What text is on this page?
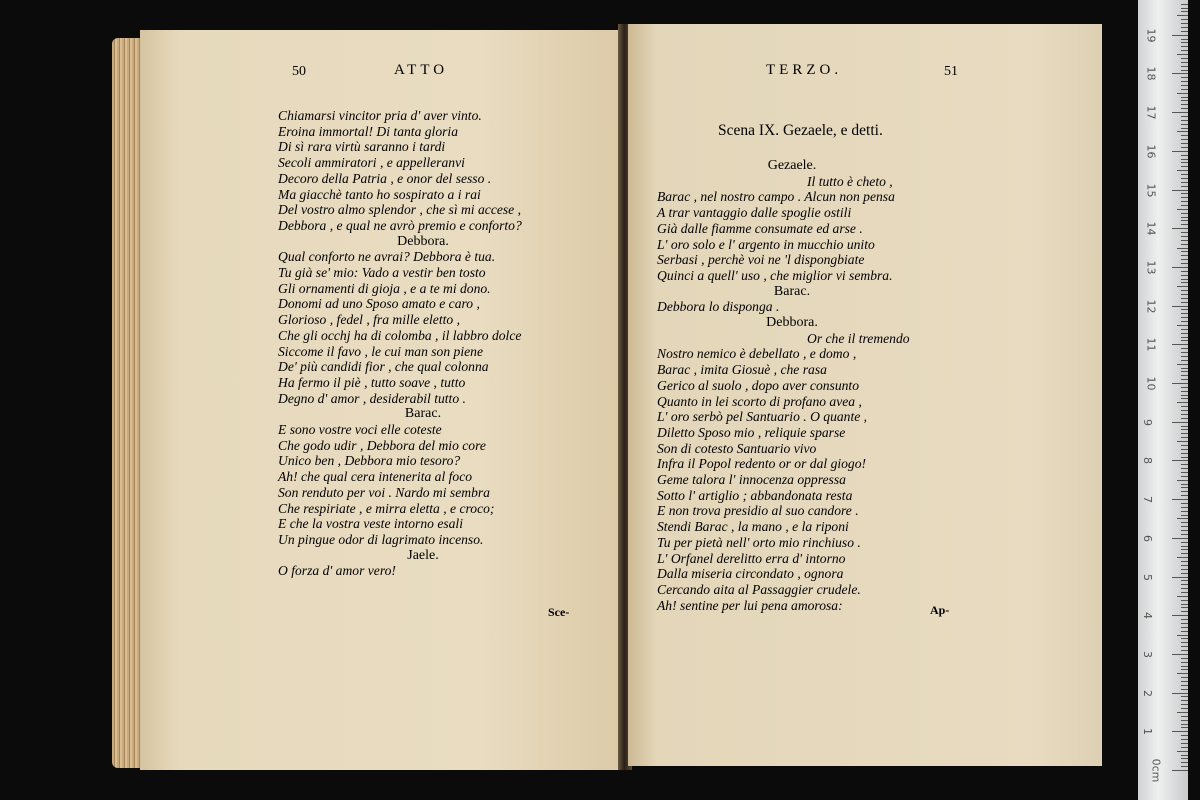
50	ATTO
Chiamarsi vincitor pria d' aver vinto.
Eroina immortal! Di tanta gloria
Di sì rara virtù saranno i tardi
Secoli ammiratori , e appelleranvi
Decoro della Patria , e onor del sesso .
Ma giacchè tanto ho sospirato a i rai
Del vostro almo splendor , che sì mi accese ,
Debbora , e qual ne avrò premio e conforto?
Debbora.
Qual conforto ne avrai? Debbora è tua.
Tu già se' mio: Vado a vestir ben tosto
Gli ornamenti di gioja , e a te mi dono.
Donomi ad uno Sposo amato e caro ,
Glorioso , fedel , fra mille eletto ,
Che gli occhj ha di colomba , il labbro dolce
Siccome il favo , le cui man son piene
De' più candidi fior , che qual colonna
Ha fermo il piè , tutto soave , tutto
Degno d' amor , desiderabil tutto .
Barac.
E sono vostre voci elle coteste
Che godo udir , Debbora del mio core
Unico ben , Debbora mio tesoro?
Ah! che qual cera intenerita al foco
Son renduto per voi . Nardo mi sembra
Che respiriate , e mirra eletta , e croco;
E che la vostra veste intorno esali
Un pingue odor di lagrimato incenso.
Jaele.
O forza d' amor vero!
Sce-
TERZO.	51
Scena IX. Gezaele, e detti.
Gezaele.
Il tutto è cheto ,
Barac , nel nostro campo . Alcun non pensa
A trar vantaggio dalle spoglie ostili
Già dalle fiamme consumate ed arse .
L' oro solo e l' argento in mucchio unito
Serbasi , perchè voi ne 'l dispongbiate
Quinci a quell' uso , che miglior vi sembra.
Barac.
Debbora lo disponga .
Debbora.
Or che il tremendo
Nostro nemico è debellato , e domo ,
Barac , imita Giosuè , che rasa
Gerico al suolo , dopo aver consunto
Quanto in lei scorto di profano avea ,
L' oro serbò pel Santuario . O quante ,
Diletto Sposo mio , reliquie sparse
Son di cotesto Santuario vivo
Infra il Popol redento or or dal giogo!
Geme talora l' innocenza oppressa
Sotto l' artiglio ; abbandonata resta
E non trova presidio al suo candore .
Stendi Barac , la mano , e la riponi
Tu per pietà nell' orto mio rinchiuso .
L' Orfanel derelitto erra d' intorno
Dalla miseria circondato , ognora
Cercando aita al Passaggier crudele.
Ah! sentine per lui pena amorosa:	Ap-
0cm
1
2
3
4
5
6
7
8
9
10
11
12
13
14
15
16
17
18
19
